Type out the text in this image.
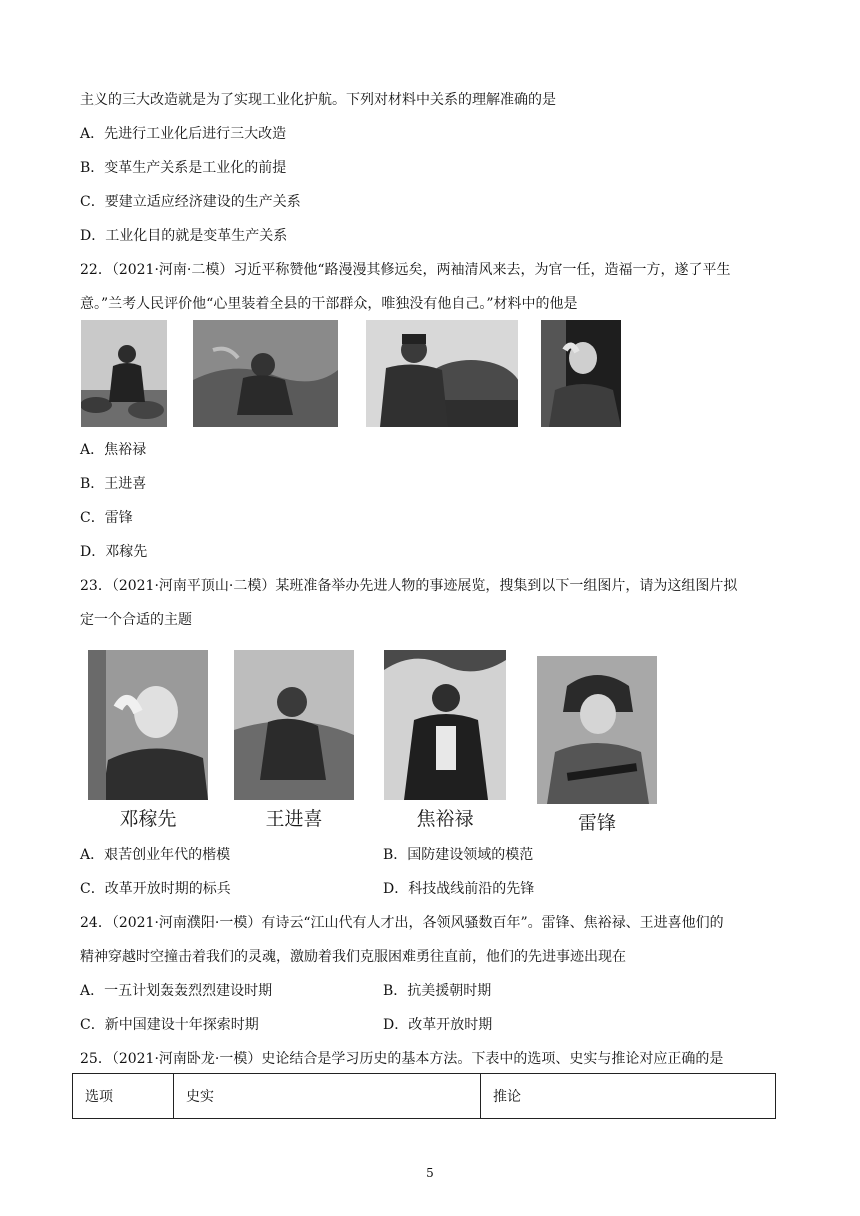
主义的三大改造就是为了实现工业化护航。下列对材料中关系的理解准确的是
A．先进行工业化后进行三大改造
B．变革生产关系是工业化的前提
C．要建立适应经济建设的生产关系
D．工业化目的就是变革生产关系
22．（2021·河南·二模）习近平称赞他“路漫漫其修远矣，两袖清风来去，为官一任，造福一方，遂了平生
意。”兰考人民评价他“心里装着全县的干部群众，唯独没有他自己。”材料中的他是
A．焦裕禄
B．王进喜
C．雷锋
D．邓稼先
23．（2021·河南平顶山·二模）某班准备举办先进人物的事迹展览，搜集到以下一组图片，请为这组图片拟
定一个合适的主题
邓稼先	王进喜	焦裕禄	雷锋
A．艰苦创业年代的楷模	B．国防建设领域的模范
C．改革开放时期的标兵	D．科技战线前沿的先锋
24．（2021·河南濮阳·一模）有诗云“江山代有人才出，各领风骚数百年”。雷锋、焦裕禄、王进喜他们的
精神穿越时空撞击着我们的灵魂，激励着我们克服困难勇往直前，他们的先进事迹出现在
A．一五计划轰轰烈烈建设时期	B．抗美援朝时期
C．新中国建设十年探索时期	D．改革开放时期
25．（2021·河南卧龙·一模）史论结合是学习历史的基本方法。下表中的选项、史实与推论对应正确的是
选项	史实	推论
5
